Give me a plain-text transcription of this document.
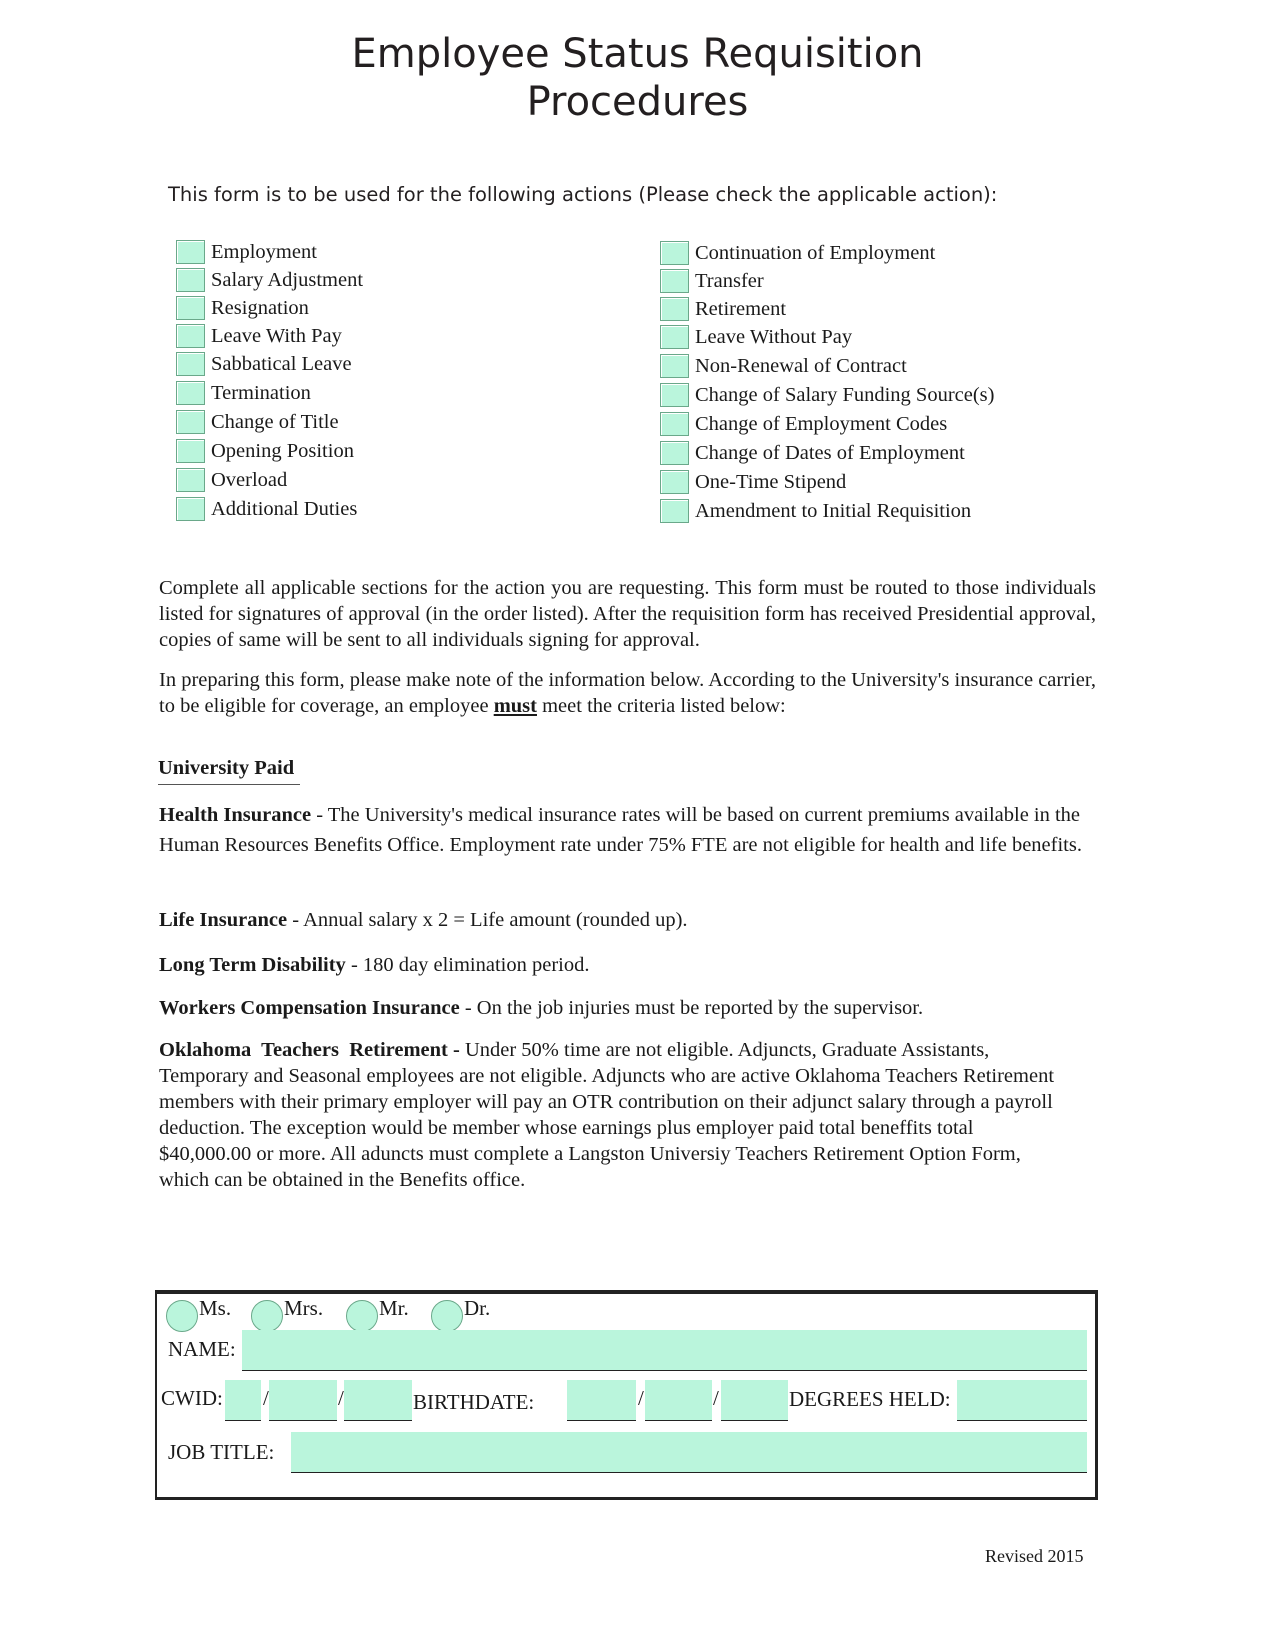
Employee Status Requisition
Procedures
This form is to be used for the following actions (Please check the applicable action):
Employment
Salary Adjustment
Resignation
Leave With Pay
Sabbatical Leave
Termination
Change of Title
Opening Position
Overload
Additional Duties
Continuation of Employment
Transfer
Retirement
Leave Without Pay
Non-Renewal of Contract
Change of Salary Funding Source(s)
Change of Employment Codes
Change of Dates of Employment
One-Time Stipend
Amendment to Initial Requisition
Complete all applicable sections for the action you are requesting. This form must be routed to those individuals listed for signatures of approval (in the order listed). After the requisition form has received Presidential approval, copies of same will be sent to all individuals signing for approval.
In preparing this form, please make note of the information below. According to the University's insurance carrier, to be eligible for coverage, an employee must meet the criteria listed below:
University Paid
Health Insurance - The University's medical insurance rates will be based on current premiums available in the Human Resources Benefits Office. Employment rate under 75% FTE are not eligible for health and life benefits.
Life Insurance - Annual salary x 2 = Life amount (rounded up).
Long Term Disability - 180 day elimination period.
Workers Compensation Insurance - On the job injuries must be reported by the supervisor.
Oklahoma  Teachers  Retirement - Under 50% time are not eligible. Adjuncts, Graduate Assistants, Temporary and Seasonal employees are not eligible. Adjuncts who are active Oklahoma Teachers Retirement members with their primary employer will pay an OTR contribution on their adjunct salary through a payroll deduction. The exception would be member whose earnings plus employer paid total beneffits total $40,000.00 or more. All aduncts must complete a Langston Universiy Teachers Retirement Option Form, which can be obtained in the Benefits office.
Ms.	Mrs.	Mr.	Dr.
NAME:
CWID: /	/	BIRTHDATE:	/	/	DEGREES HELD:
JOB TITLE:
Revised 2015
